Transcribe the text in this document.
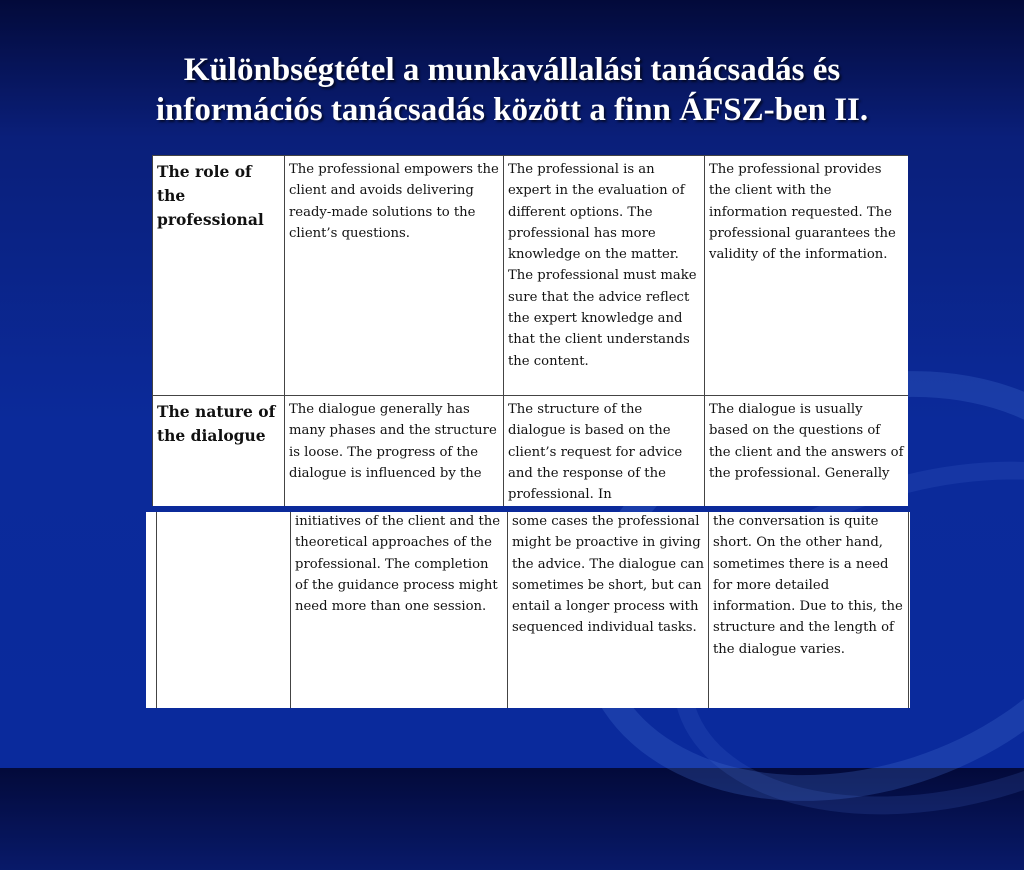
Különbségtétel a munkavállalási tanácsadás és
információs tanácsadás között a finn ÁFSZ-ben II.
The role of the professional	The professional empowers the client and avoids delivering ready-made solutions to the client’s questions.	The professional is an expert in the evaluation of different options. The professional has more knowledge on the matter. The professional must make sure that the advice reflect the expert knowledge and that the client understands the content.	The professional provides the client with the information requested. The professional guarantees the validity of the information.
The nature of the dialogue	The dialogue generally has many phases and the structure is loose. The progress of the dialogue is influenced by the	The structure of the dialogue is based on the client’s request for advice and the response of the professional. In	The dialogue is usually based on the questions of the client and the answers of the professional. Generally
	initiatives of the client and the theoretical approaches of the professional. The completion of the guidance process might need more than one session.	some cases the professional might be proactive in giving the advice. The dialogue can sometimes be short, but can entail a longer process with sequenced individual tasks.	the conversation is quite short. On the other hand, sometimes there is a need for more detailed information. Due to this, the structure and the length of the dialogue varies.
